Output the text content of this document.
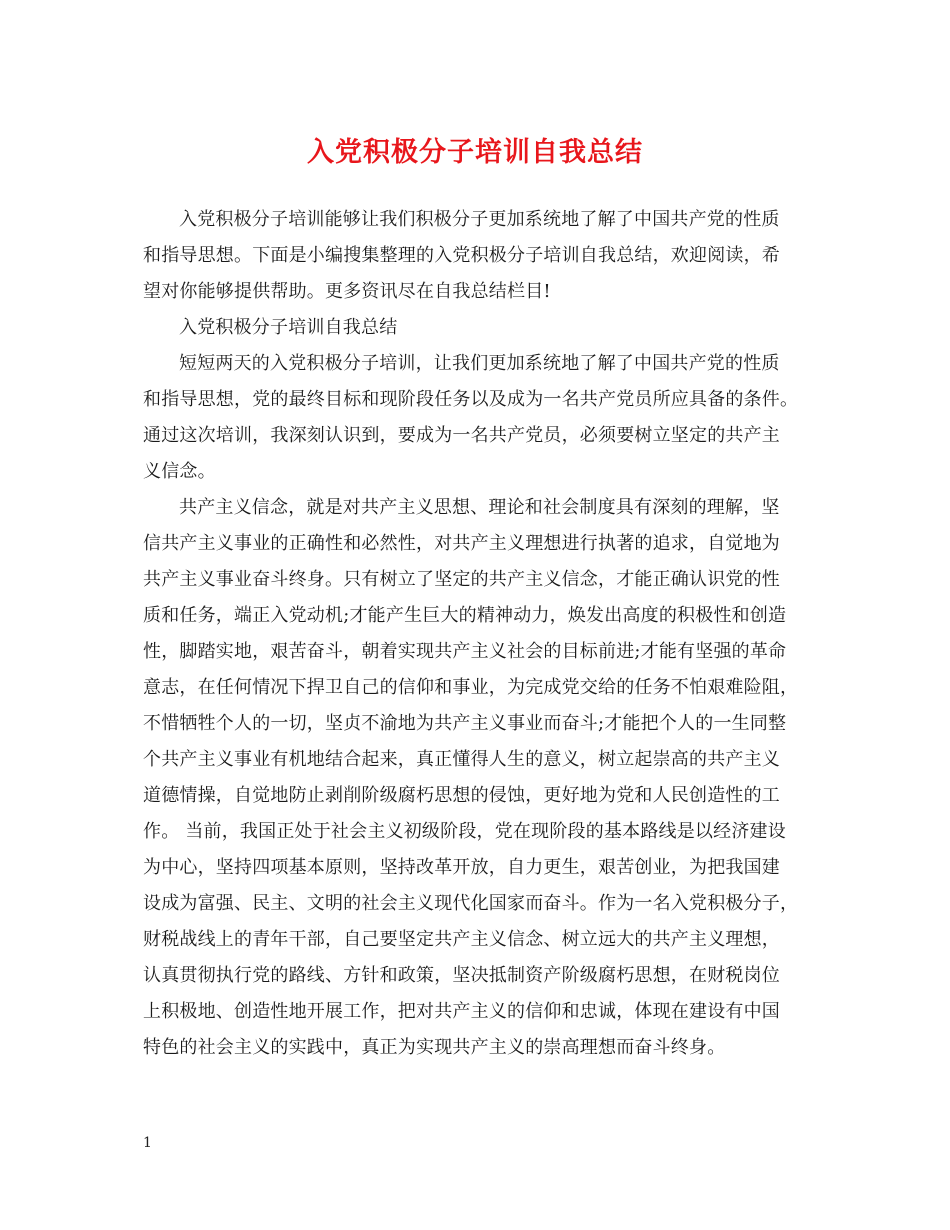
入党积极分子培训自我总结
入党积极分子培训能够让我们积极分子更加系统地了解了中国共产党的性质
和指导思想。下面是小编搜集整理的入党积极分子培训自我总结，欢迎阅读，希
望对你能够提供帮助。更多资讯尽在自我总结栏目!
入党积极分子培训自我总结
短短两天的入党积极分子培训，让我们更加系统地了解了中国共产党的性质
和指导思想，党的最终目标和现阶段任务以及成为一名共产党员所应具备的条件。
通过这次培训，我深刻认识到，要成为一名共产党员，必须要树立坚定的共产主
义信念。
共产主义信念，就是对共产主义思想、理论和社会制度具有深刻的理解，坚
信共产主义事业的正确性和必然性，对共产主义理想进行执著的追求，自觉地为
共产主义事业奋斗终身。只有树立了坚定的共产主义信念，才能正确认识党的性
质和任务，端正入党动机;才能产生巨大的精神动力，焕发出高度的积极性和创造
性，脚踏实地，艰苦奋斗，朝着实现共产主义社会的目标前进;才能有坚强的革命
意志，在任何情况下捍卫自己的信仰和事业，为完成党交给的任务不怕艰难险阻，
不惜牺牲个人的一切，坚贞不渝地为共产主义事业而奋斗;才能把个人的一生同整
个共产主义事业有机地结合起来，真正懂得人生的意义，树立起崇高的共产主义
道德情操，自觉地防止剥削阶级腐朽思想的侵蚀，更好地为党和人民创造性的工
作。 当前，我国正处于社会主义初级阶段，党在现阶段的基本路线是以经济建设
为中心，坚持四项基本原则，坚持改革开放，自力更生，艰苦创业，为把我国建
设成为富强、民主、文明的社会主义现代化国家而奋斗。作为一名入党积极分子，
财税战线上的青年干部，自己要坚定共产主义信念、树立远大的共产主义理想，
认真贯彻执行党的路线、方针和政策，坚决抵制资产阶级腐朽思想，在财税岗位
上积极地、创造性地开展工作，把对共产主义的信仰和忠诚，体现在建设有中国
特色的社会主义的实践中，真正为实现共产主义的崇高理想而奋斗终身。
1
